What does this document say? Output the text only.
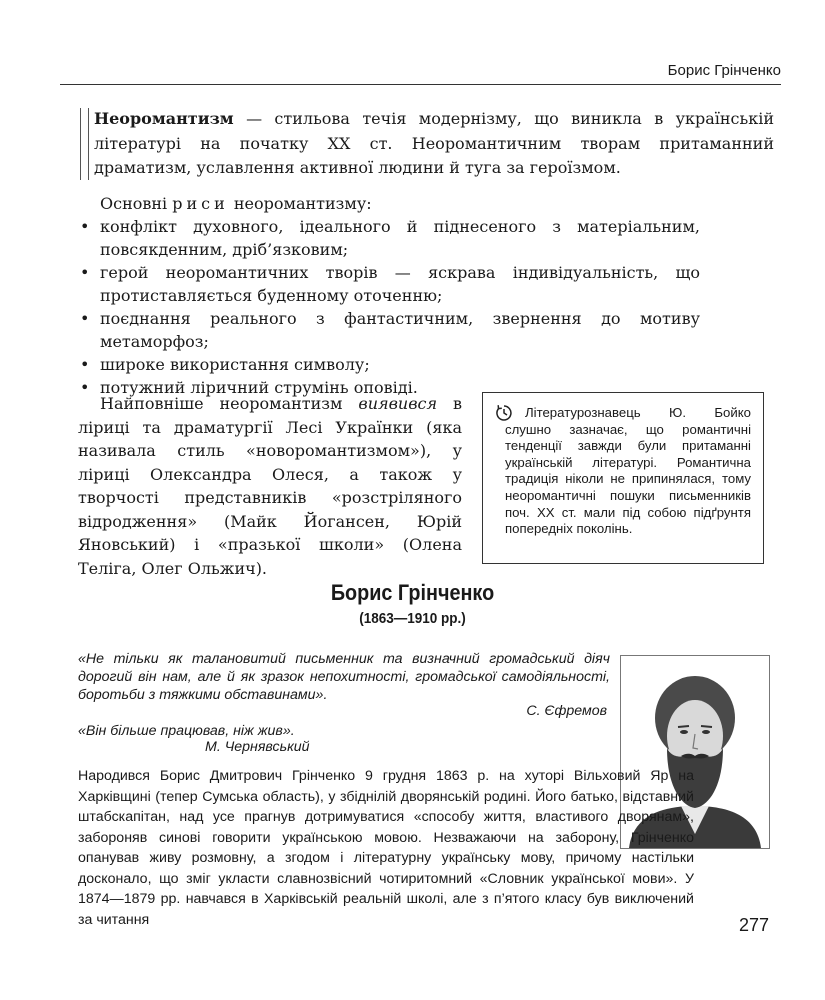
Борис Грінченко
Неоромантизм — стильова течія модернізму, що виникла в українській літературі на початку XX ст. Неоромантичним творам притаманний драматизм, уславлення активної людини й туга за героїзмом.
Основні риси неоромантизму:
• конфлікт духовного, ідеального й піднесеного з матеріальним, повсякденним, дріб’язковим;
• герой неоромантичних творів — яскрава індивідуальність, що протиставляється буденному оточенню;
• поєднання реального з фантастичним, звернення до мотиву метаморфоз;
• широке використання символу;
• потужний ліричний струмінь оповіді.
Найповніше неоромантизм виявився в ліриці та драматургії Лесі Українки (яка називала стиль «новоромантизмом»), у ліриці Олександра Олеся, а також у творчості представників «розстріляного відродження» (Майк Йогансен, Юрій Яновський) і «празької школи» (Олена Теліга, Олег Ольжич).
Літературознавець Ю. Бойко слушно зазначає, що романтичні тенденції завжди були притаманні українській літературі. Романтична традиція ніколи не припинялася, тому неоромантичні пошуки письменників поч. XX ст. мали під собою підґрунтя попередніх поколінь.
Борис Грінченко
(1863—1910 рр.)
«Не тільки як талановитий письменник та визначний громадський діяч дорогий він нам, але й як зразок непохитності, громадської самодіяльності, боротьби з тяжкими обставинами».
С. Єфремов
«Він більше працював, ніж жив».
М. Чернявський
Народився Борис Дмитрович Грінченко 9 грудня 1863 р. на хуторі Вільховий Яр на Харківщині (тепер Сумська область), у збіднілій дворянській родині. Його батько, відставний штабскапітан, над усе прагнув дотримуватися «способу життя, властивого дворянам», забороняв синові говорити українською мовою. Незважаючи на заборону, Грінченко опанував живу розмовну, а згодом і літературну українську мову, причому настільки досконало, що зміг укласти славнозвісний чотиритомний «Словник української мови». У 1874—1879 рр. навчався в Харківській реальній школі, але з п’ятого класу був виключений за читання	277
